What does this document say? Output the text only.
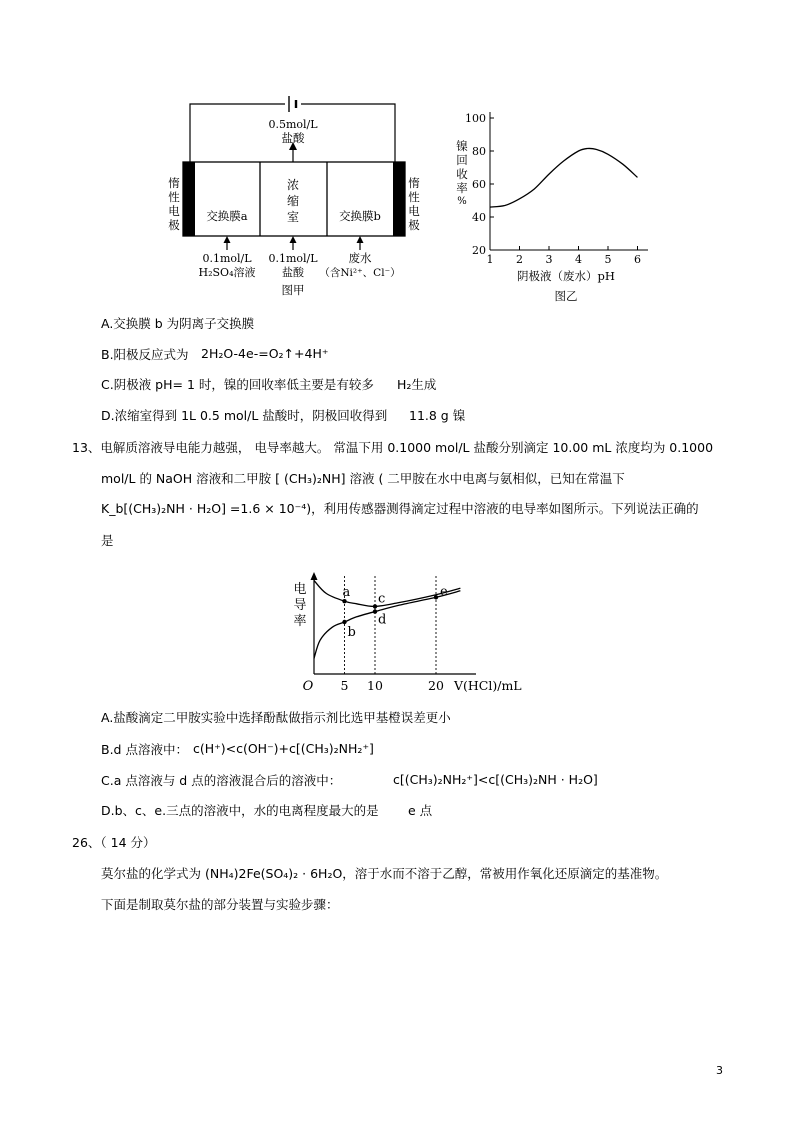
0.5mol/L
盐酸
交换膜a	交换膜b
浓
缩
室
惰
性
电
极
惰
性
电
极
0.1mol/L
H₂SO₄溶液
0.1mol/L
盐酸
废水
（含Ni²⁺、Cl⁻）
图甲
镍
回
收
率
%
阴极液（废水）pH
图乙
20
40
60
80
100
1 2 3 4 5 6
A.交换膜 b 为阴离子交换膜
B.阳极反应式为 2H₂O-4e-=O₂↑+4H⁺
C.阴极液 pH= 1 时，镍的回收率低主要是有较多 H₂生成
D.浓缩室得到 1L 0.5 mol/L 盐酸时，阴极回收得到 11.8 g 镍
13、电解质溶液导电能力越强， 电导率越大。 常温下用 0.1000 mol/L 盐酸分别滴定 10.00 mL 浓度均为 0.1000
mol/L 的 NaOH 溶液和二甲胺 [ (CH₃)₂NH] 溶液 ( 二甲胺在水中电离与氨相似，已知在常温下
K_b[(CH₃)₂NH · H₂O] =1.6 × 10⁻⁴)，利用传感器测得滴定过程中溶液的电导率如图所示。下列说法正确的
是
电
导
率
O	V(HCl)/mL
5 10	20
a
b
c
d
e
A.盐酸滴定二甲胺实验中选择酚酞做指示剂比选甲基橙误差更小
B.d 点溶液中： c(H⁺)<c(OH⁻)+c[(CH₃)₂NH₂⁺]
C.a 点溶液与 d 点的溶液混合后的溶液中：	c[(CH₃)₂NH₂⁺]<c[(CH₃)₂NH · H₂O]
D.b、c、e.三点的溶液中，水的电离程度最大的是 e 点
26、（ 14 分）
莫尔盐的化学式为 (NH₄)2Fe(SO₄)₂ · 6H₂O，溶于水而不溶于乙醇，常被用作氧化还原滴定的基准物。
下面是制取莫尔盐的部分装置与实验步骤：
3
